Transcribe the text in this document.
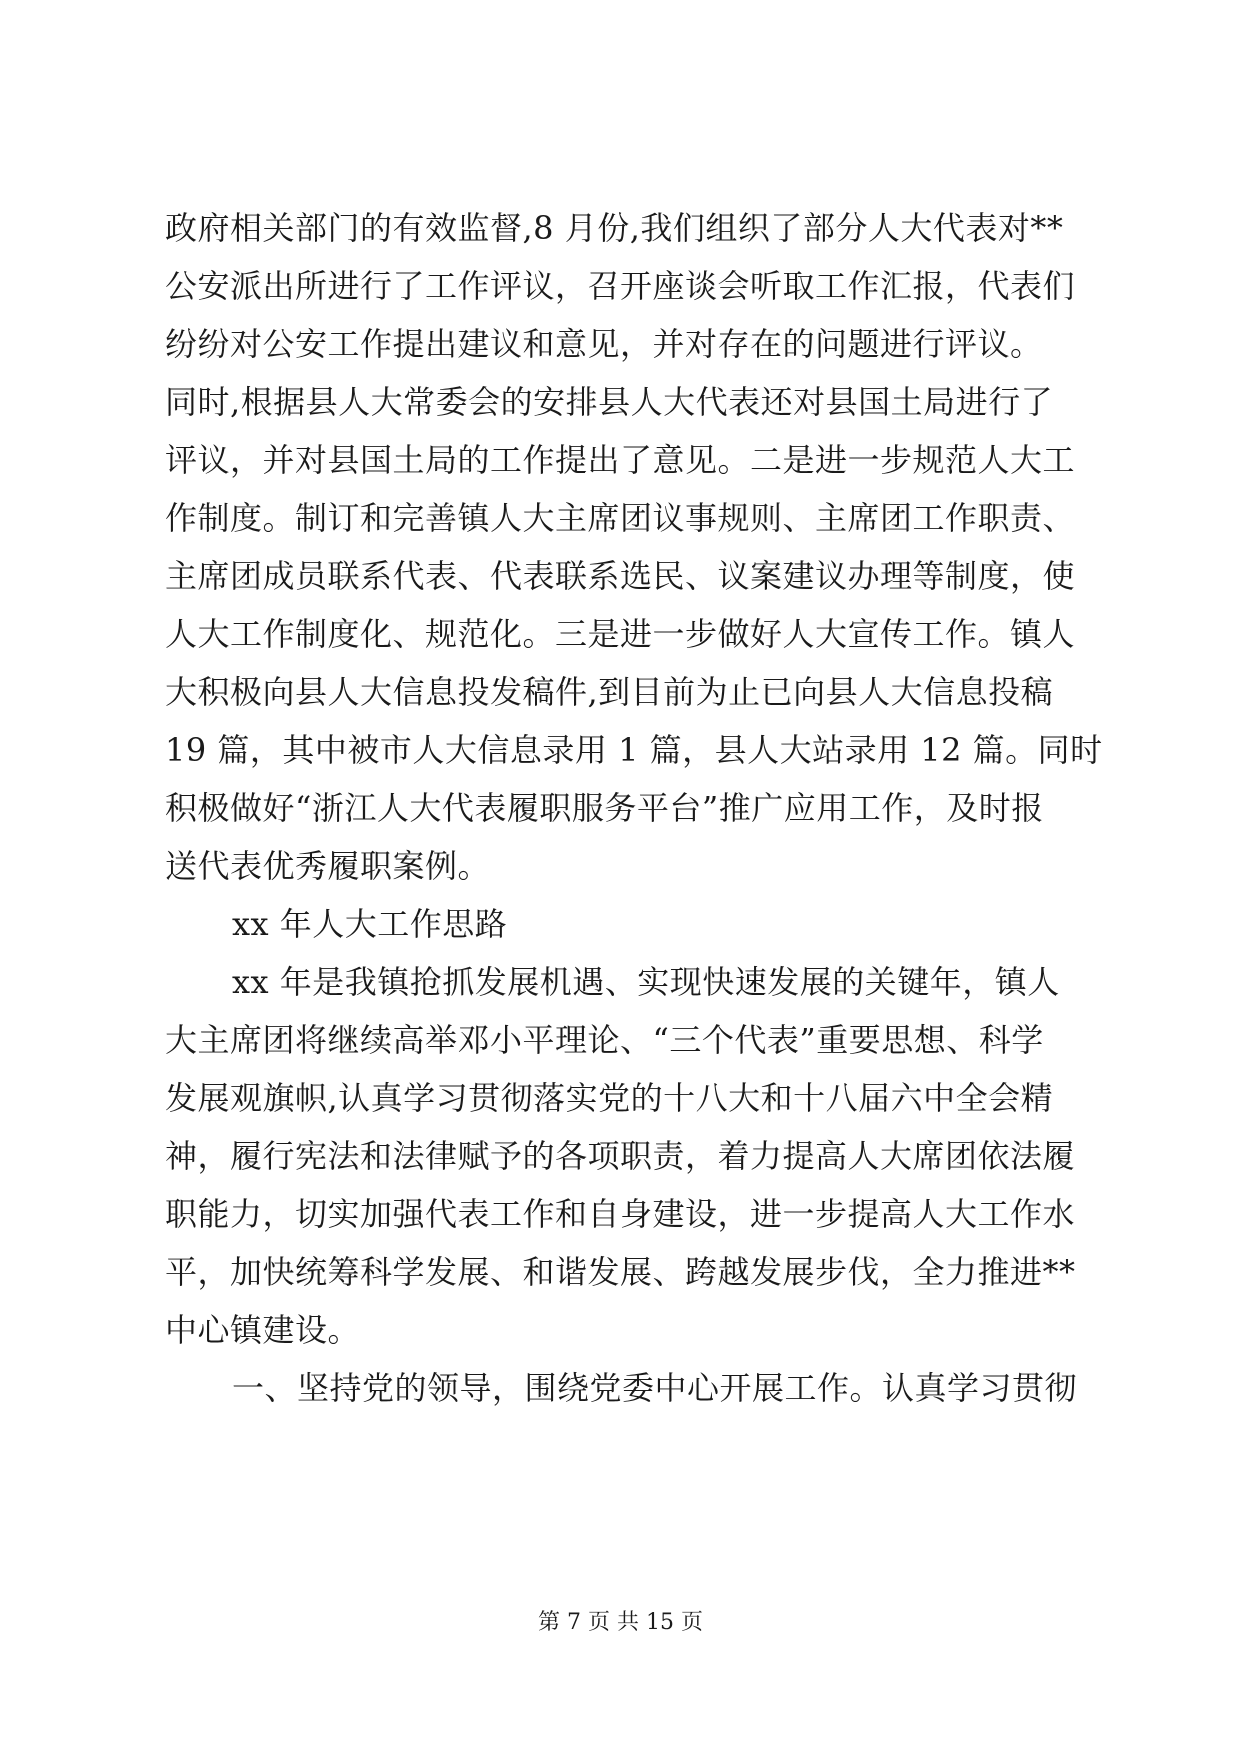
政府相关部门的有效监督,8 月份,我们组织了部分人大代表对**
公安派出所进行了工作评议，召开座谈会听取工作汇报，代表们
纷纷对公安工作提出建议和意见，并对存在的问题进行评议。
同时,根据县人大常委会的安排县人大代表还对县国土局进行了
评议，并对县国土局的工作提出了意见。二是进一步规范人大工
作制度。制订和完善镇人大主席团议事规则、主席团工作职责、
主席团成员联系代表、代表联系选民、议案建议办理等制度，使
人大工作制度化、规范化。三是进一步做好人大宣传工作。镇人
大积极向县人大信息投发稿件,到目前为止已向县人大信息投稿
19 篇，其中被市人大信息录用 1 篇，县人大站录用 12 篇。同时
积极做好“浙江人大代表履职服务平台”推广应用工作，及时报
送代表优秀履职案例。
xx 年人大工作思路
xx 年是我镇抢抓发展机遇、实现快速发展的关键年，镇人
大主席团将继续高举邓小平理论、“三个代表”重要思想、科学
发展观旗帜,认真学习贯彻落实党的十八大和十八届六中全会精
神，履行宪法和法律赋予的各项职责，着力提高人大席团依法履
职能力，切实加强代表工作和自身建设，进一步提高人大工作水
平，加快统筹科学发展、和谐发展、跨越发展步伐，全力推进**
中心镇建设。
一、坚持党的领导，围绕党委中心开展工作。认真学习贯彻
第 7 页 共 15 页
